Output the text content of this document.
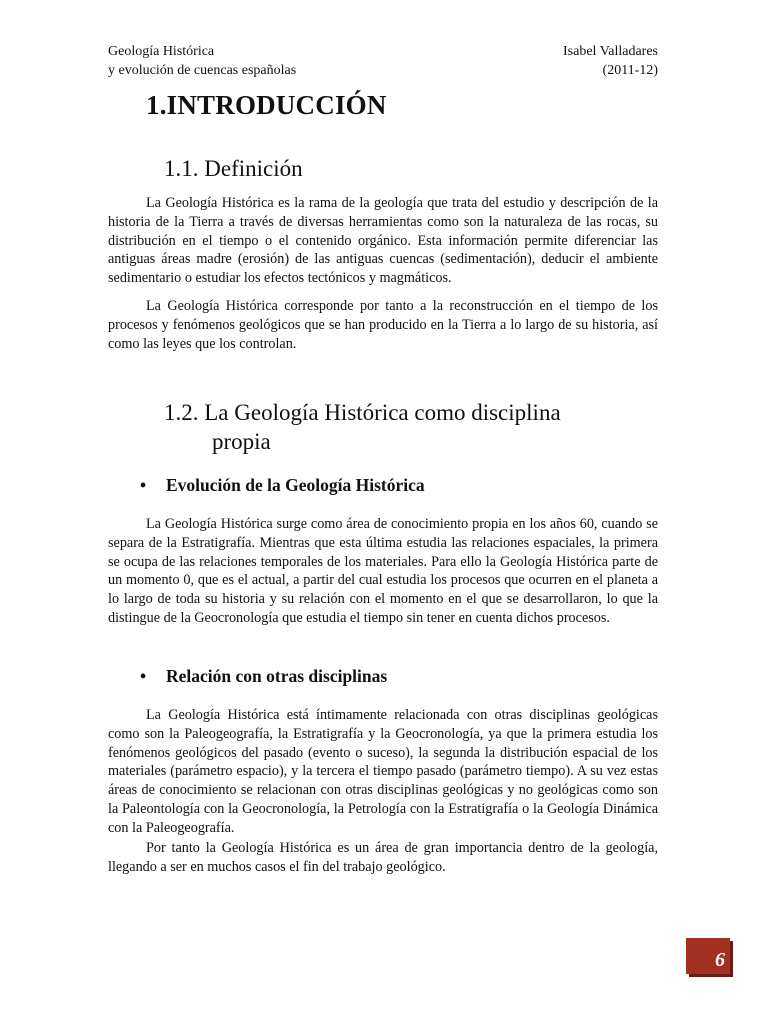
Geología Histórica
y evolución de cuencas españolas
Isabel Valladares
(2011-12)
1.INTRODUCCIÓN
1.1. Definición

La Geología Histórica es la rama de la geología que trata del estudio y descripción de la historia de la Tierra a través de diversas herramientas como son la naturaleza de las rocas, su distribución en el tiempo o el contenido orgánico. Esta información permite diferenciar las antiguas áreas madre (erosión) de las antiguas cuencas (sedimentación), deducir el ambiente sedimentario o estudiar los efectos tectónicos y magmáticos.

La Geología Histórica corresponde por tanto a la reconstrucción en el tiempo de los procesos y fenómenos geológicos que se han producido en la Tierra a lo largo de su historia, así como las leyes que los controlan.

1.2. La Geología Histórica como disciplina
propia
• Evolución de la Geología Histórica

La Geología Histórica surge como área de conocimiento propia en los años 60, cuando se separa de la Estratigrafía. Mientras que esta última estudia las relaciones espaciales, la primera se ocupa de las relaciones temporales de los materiales. Para ello la Geología Histórica parte de un momento 0, que es el actual, a partir del cual estudia los procesos que ocurren en el planeta a lo largo de toda su historia y su relación con el momento en el que se desarrollaron, lo que la distingue de la Geocronología que estudia el tiempo sin tener en cuenta dichos procesos.

• Relación con otras disciplinas

La Geología Histórica está íntimamente relacionada con otras disciplinas geológicas como son la Paleogeografía, la Estratigrafía y la Geocronología, ya que la primera estudia los fenómenos geológicos del pasado (evento o suceso), la segunda la distribución espacial de los materiales (parámetro espacio), y la tercera el tiempo pasado (parámetro tiempo). A su vez estas áreas de conocimiento se relacionan con otras disciplinas geológicas y no geológicas como son la Paleontología con la Geocronología, la Petrología con la Estratigrafía o la Geología Dinámica con la Paleogeografía.

Por tanto la Geología Histórica es un área de gran importancia dentro de la geología, llegando a ser en muchos casos el fin del trabajo geológico.

6
